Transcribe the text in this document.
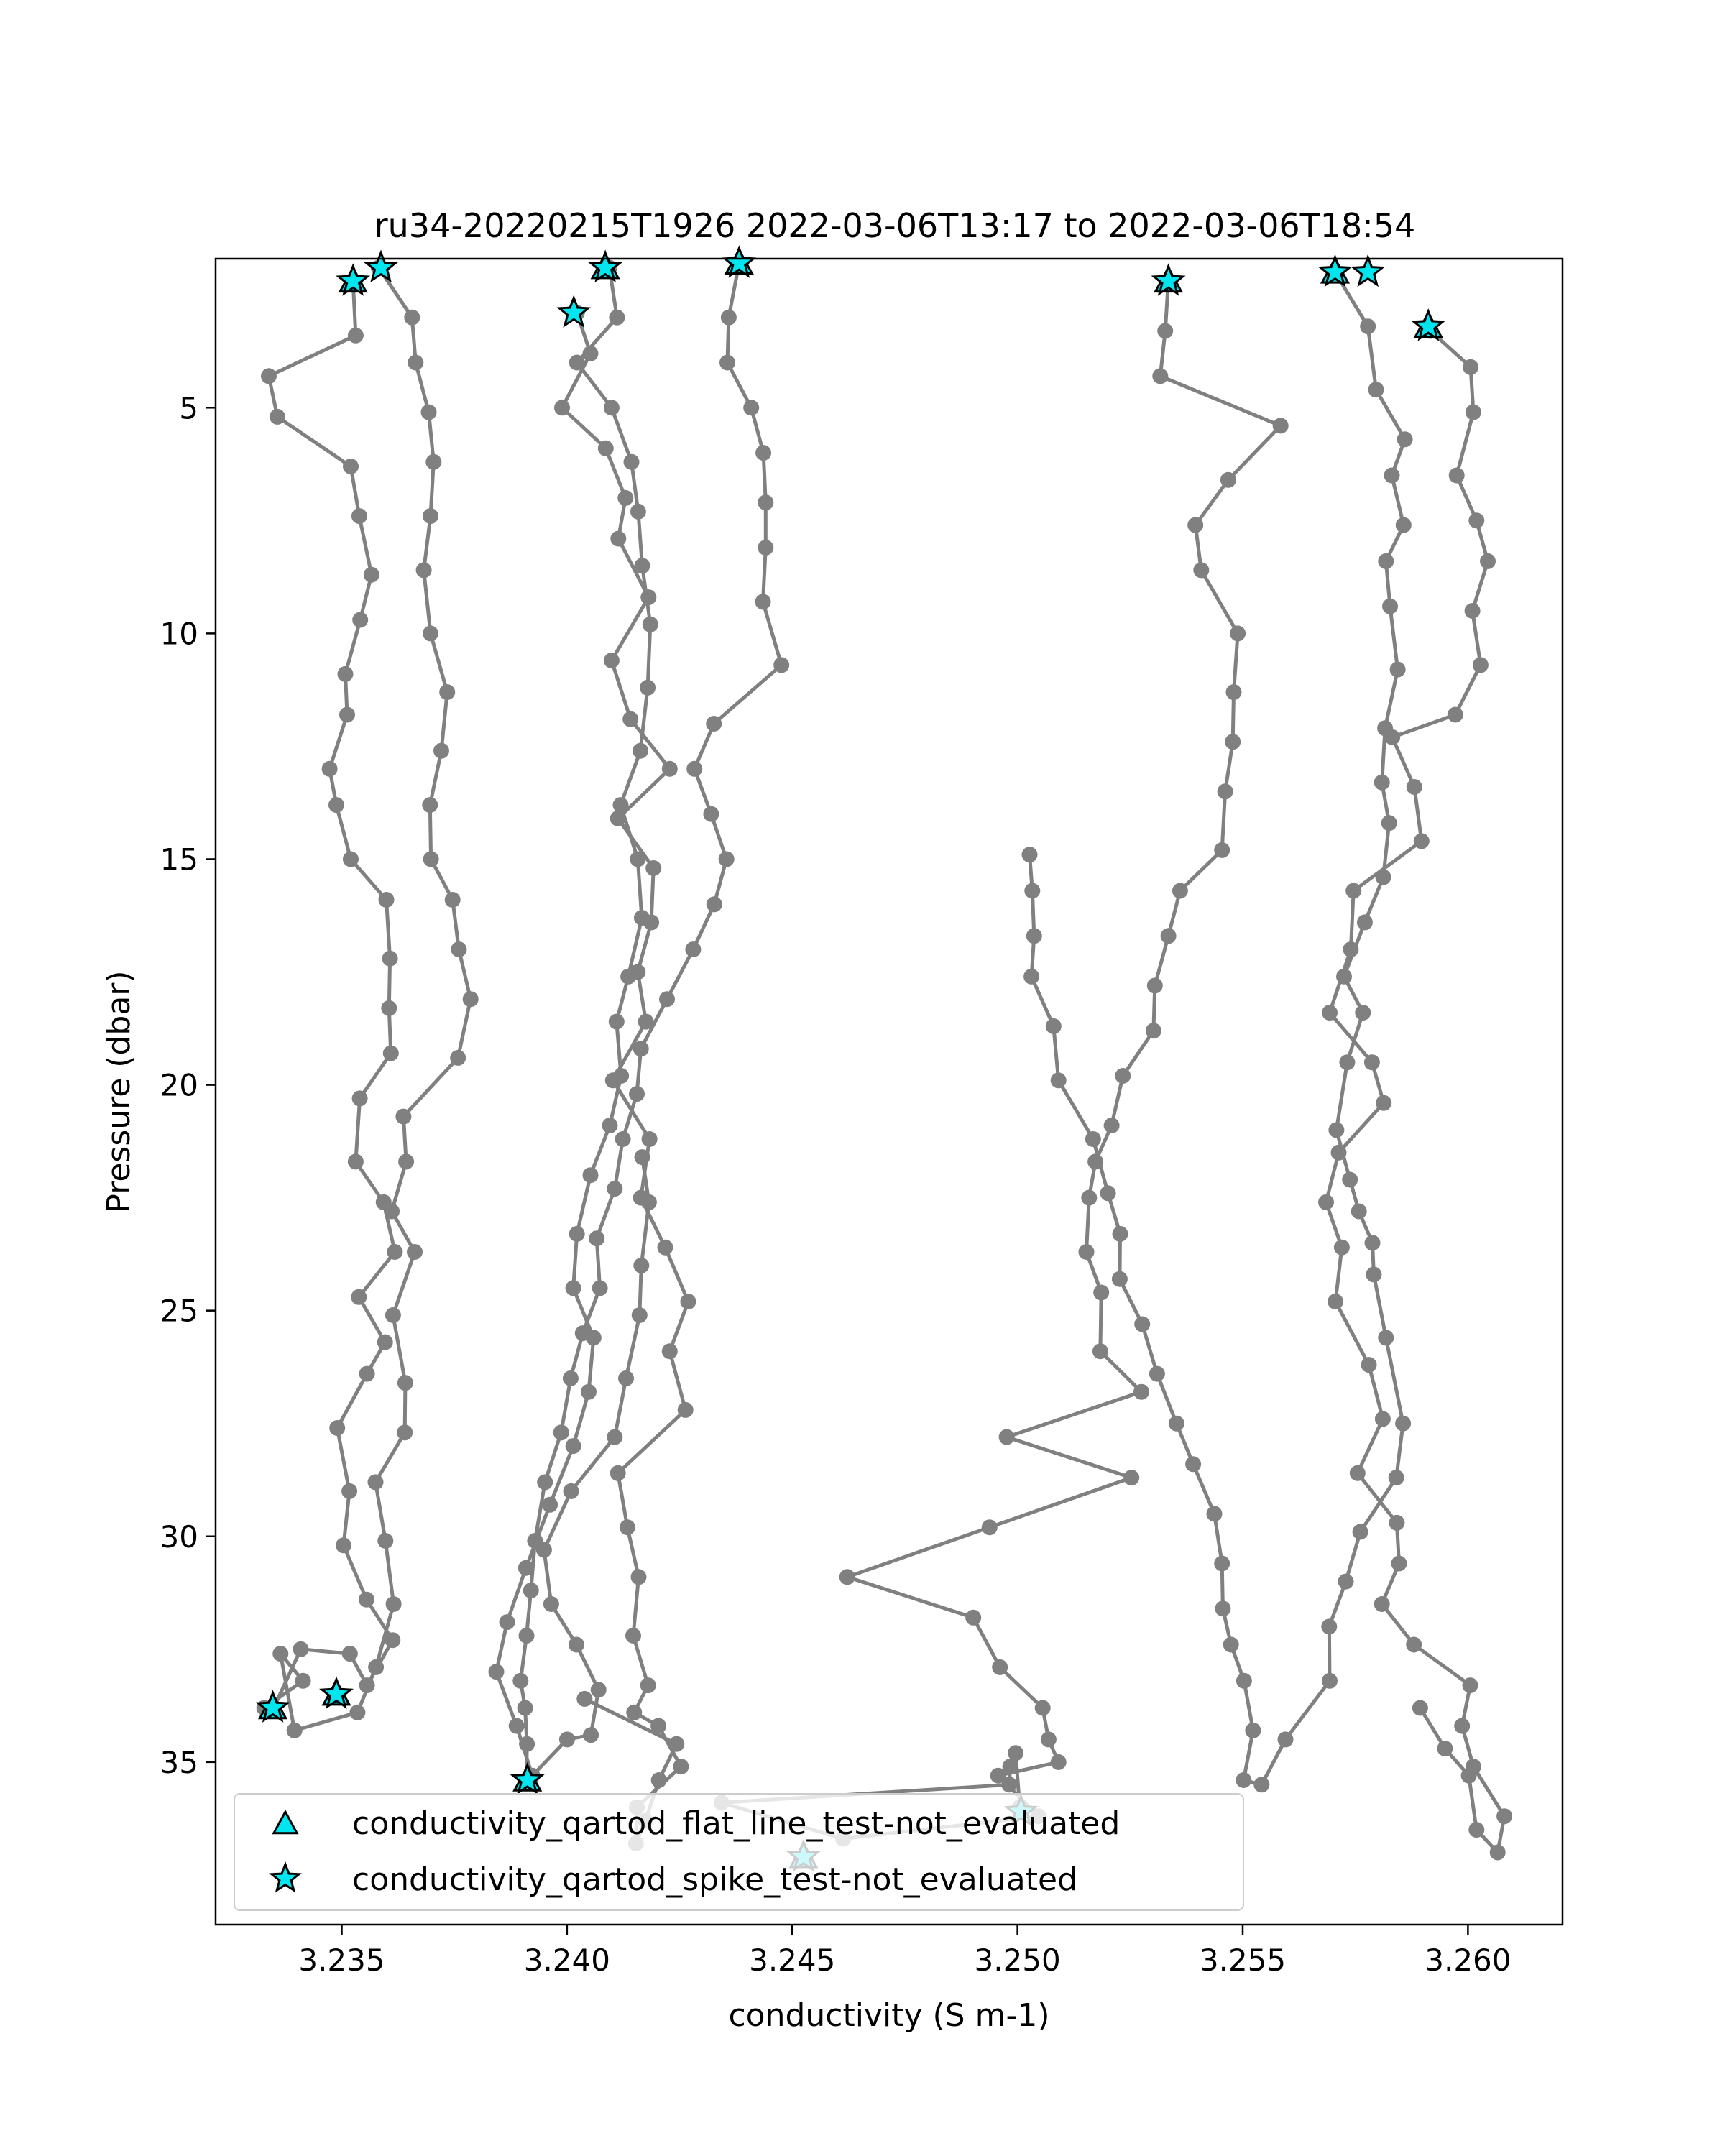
ru34-20220215T1926 2022-03-06T13:17 to 2022-03-06T18:54
3.235	3.240	3.245	3.250	3.255	3.260
5
10
15
20
25
30
35
conductivity (S m-1)
Pressure (dbar)
conductivity_qartod_flat_line_test-not_evaluated
conductivity_qartod_spike_test-not_evaluated
